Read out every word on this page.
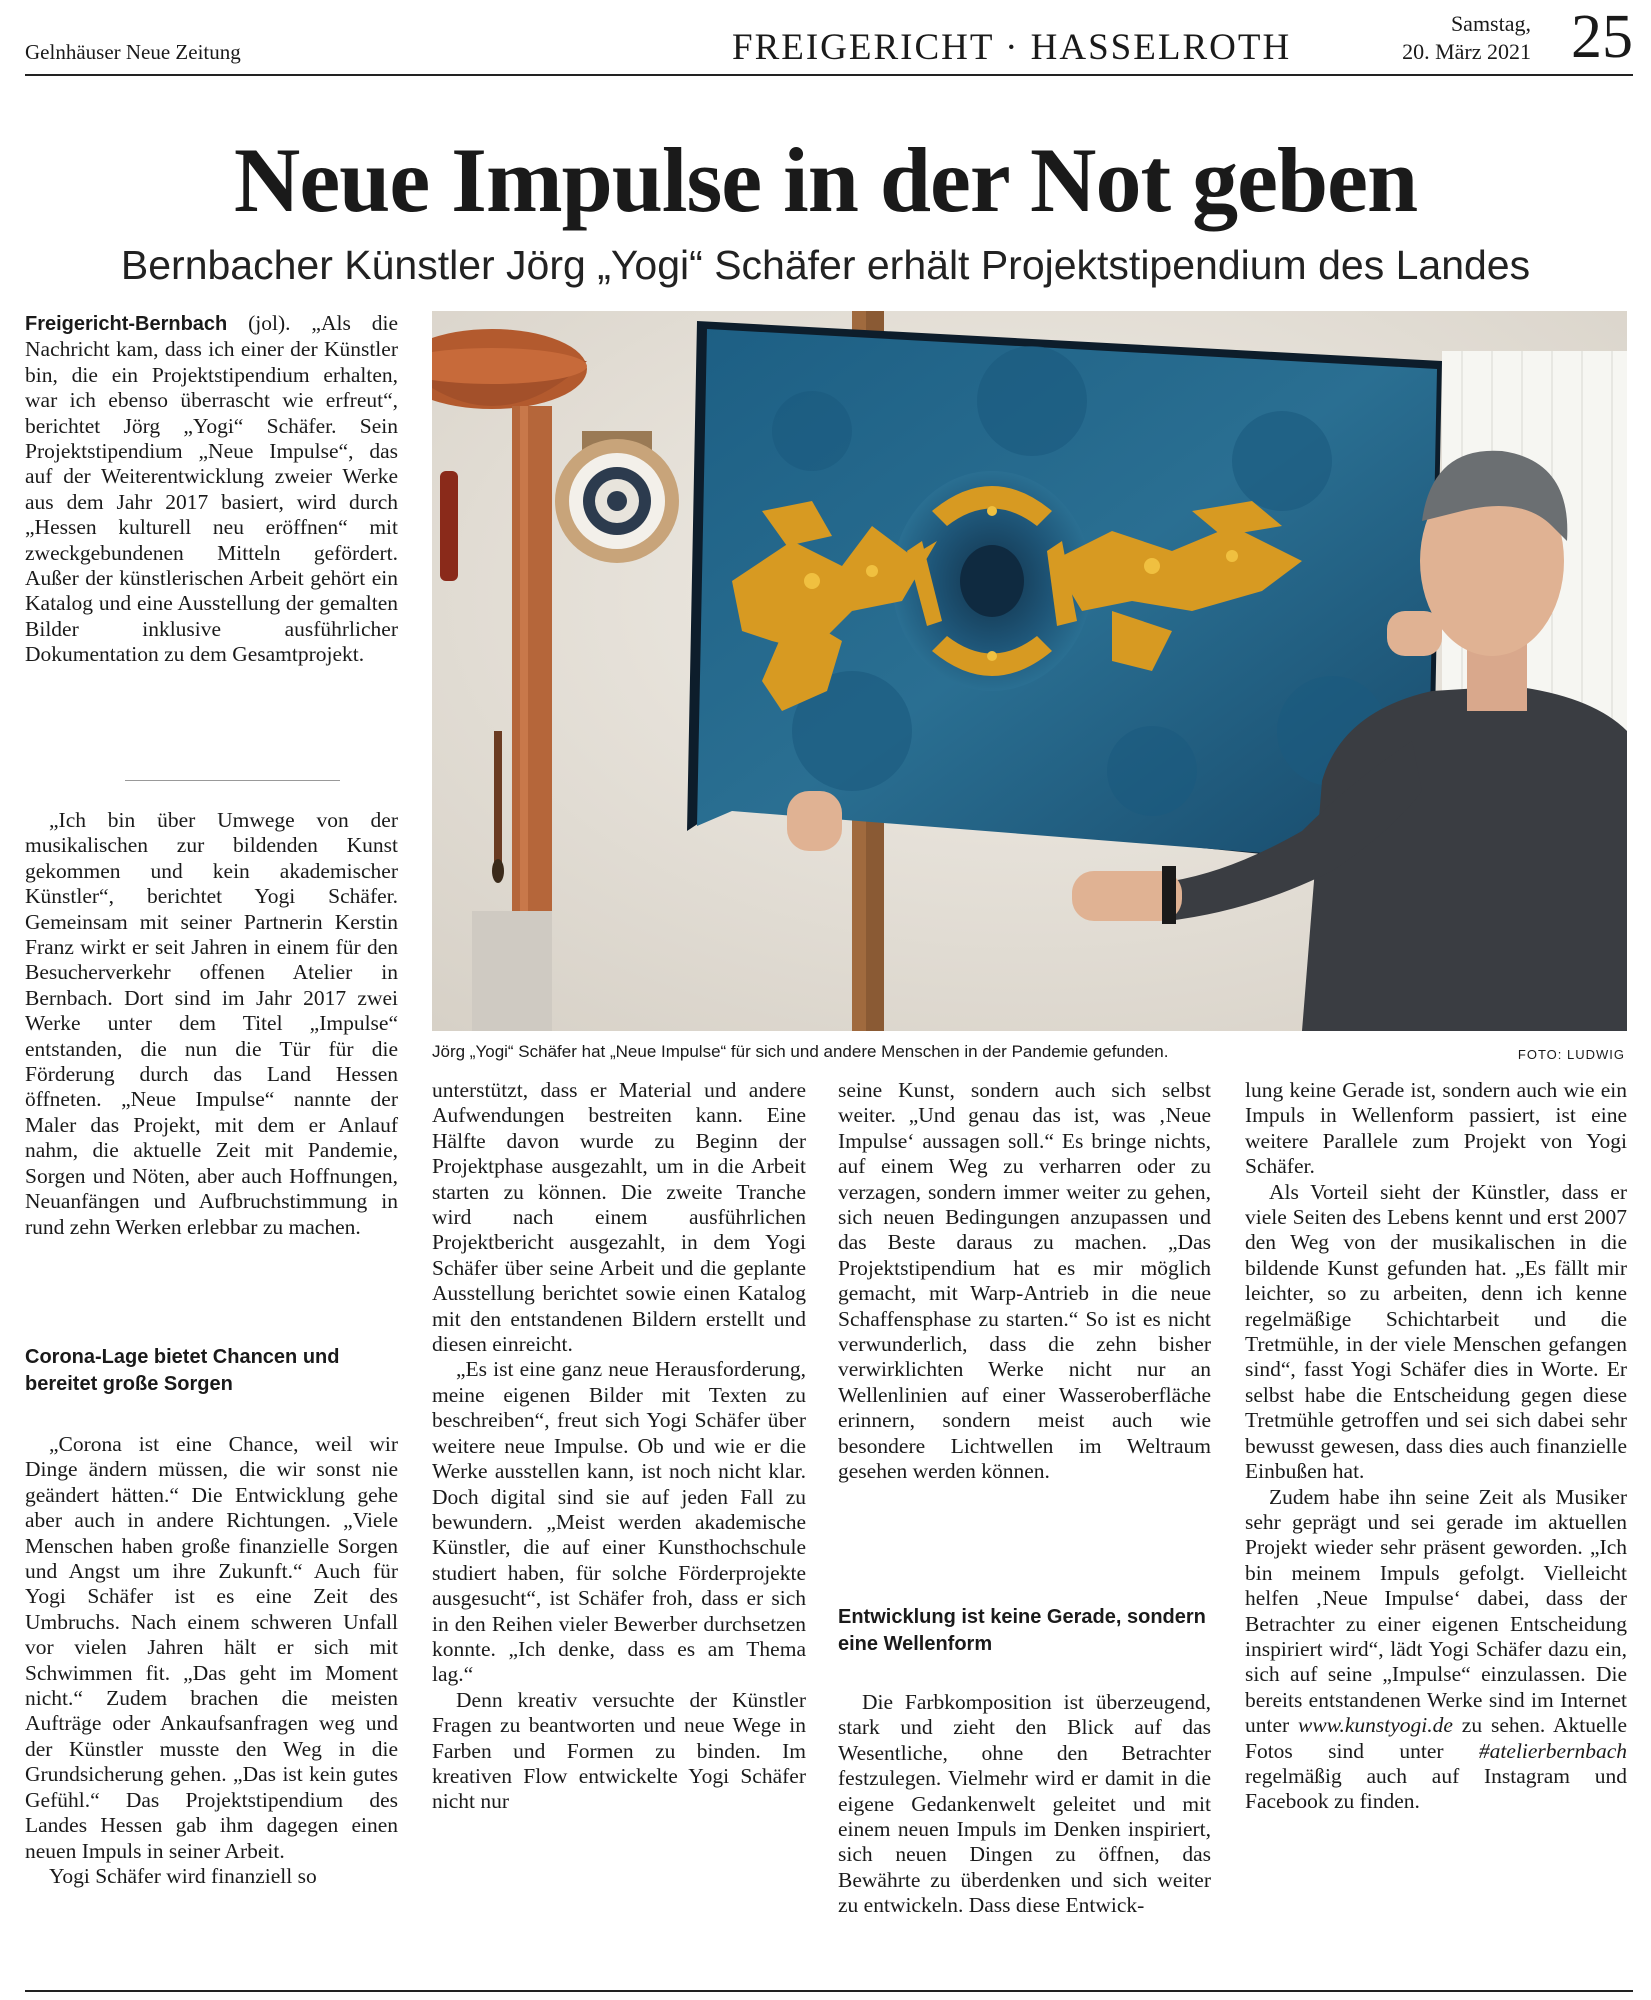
Gelnhäuser Neue Zeitung	FREIGERICHT · HASSELROTH
Samstag,
20. März 2021 25
Neue Impulse in der Not geben
Bernbacher Künstler Jörg „Yogi“ Schäfer erhält Projektstipendium des Landes

Freigericht-Bernbach (jol). „Als die Nachricht kam, dass ich einer der Künstler bin, die ein Projektstipendium erhalten, war ich ebenso überrascht wie erfreut“, berichtet Jörg „Yogi“ Schäfer. Sein Projektstipendium „Neue Impulse“, das auf der Weiterentwicklung zweier Werke aus dem Jahr 2017 basiert, wird durch „Hessen kulturell neu eröffnen“ mit zweckgebundenen Mitteln gefördert. Außer der künstlerischen Arbeit gehört ein Katalog und eine Ausstellung der gemalten Bilder inklusive ausführlicher Dokumentation zu dem Gesamtprojekt.

„Ich bin über Umwege von der musikalischen zur bildenden Kunst gekommen und kein akademischer Künstler“, berichtet Yogi Schäfer. Gemeinsam mit seiner Partnerin Kerstin Franz wirkt er seit Jahren in einem für den Besucherverkehr offenen Atelier in Bernbach. Dort sind im Jahr 2017 zwei Werke unter dem Titel „Impulse“ entstanden, die nun die Tür für die Förderung durch das Land Hessen öffneten. „Neue Impulse“ nannte der Maler das Projekt, mit dem er Anlauf nahm, die aktuelle Zeit mit Pandemie, Sorgen und Nöten, aber auch Hoffnungen, Neuanfängen und Aufbruchstimmung in rund zehn Werken erlebbar zu machen.

Corona-Lage bietet Chancen und bereitet große Sorgen

„Corona ist eine Chance, weil wir Dinge ändern müssen, die wir sonst nie geändert hätten.“ Die Entwicklung gehe aber auch in andere Richtungen. „Viele Menschen haben große finanzielle Sorgen und Angst um ihre Zukunft.“ Auch für Yogi Schäfer ist es eine Zeit des Umbruchs. Nach einem schweren Unfall vor vielen Jahren hält er sich mit Schwimmen fit. „Das geht im Moment nicht.“ Zudem brachen die meisten Aufträge oder Ankaufsanfragen weg und der Künstler musste den Weg in die Grundsicherung gehen. „Das ist kein gutes Gefühl.“ Das Projektstipendium des Landes Hessen gab ihm dagegen einen neuen Impuls in seiner Arbeit.

Yogi Schäfer wird finanziell so

Jörg „Yogi“ Schäfer hat „Neue Impulse“ für sich und andere Menschen in der Pandemie gefunden.	FOTO: LUDWIG

unterstützt, dass er Material und andere Aufwendungen bestreiten kann. Eine Hälfte davon wurde zu Beginn der Projektphase ausgezahlt, um in die Arbeit starten zu können. Die zweite Tranche wird nach einem ausführlichen Projektbericht ausgezahlt, in dem Yogi Schäfer über seine Arbeit und die geplante Ausstellung berichtet sowie einen Katalog mit den entstandenen Bildern erstellt und diesen einreicht.

„Es ist eine ganz neue Herausforderung, meine eigenen Bilder mit Texten zu beschreiben“, freut sich Yogi Schäfer über weitere neue Impulse. Ob und wie er die Werke ausstellen kann, ist noch nicht klar. Doch digital sind sie auf jeden Fall zu bewundern. „Meist werden akademische Künstler, die auf einer Kunsthochschule studiert haben, für solche Förderprojekte ausgesucht“, ist Schäfer froh, dass er sich in den Reihen vieler Bewerber durchsetzen konnte. „Ich denke, dass es am Thema lag.“

Denn kreativ versuchte der Künstler Fragen zu beantworten und neue Wege in Farben und Formen zu binden. Im kreativen Flow entwickelte Yogi Schäfer nicht nur

seine Kunst, sondern auch sich selbst weiter. „Und genau das ist, was ‚Neue Impulse‘ aussagen soll.“ Es bringe nichts, auf einem Weg zu verharren oder zu verzagen, sondern immer weiter zu gehen, sich neuen Bedingungen anzupassen und das Beste daraus zu machen. „Das Projektstipendium hat es mir möglich gemacht, mit Warp-Antrieb in die neue Schaffensphase zu starten.“ So ist es nicht verwunderlich, dass die zehn bisher verwirklichten Werke nicht nur an Wellenlinien auf einer Wasseroberfläche erinnern, sondern meist auch wie besondere Lichtwellen im Weltraum gesehen werden können.

Entwicklung ist keine Gerade, sondern eine Wellenform

Die Farbkomposition ist überzeugend, stark und zieht den Blick auf das Wesentliche, ohne den Betrachter festzulegen. Vielmehr wird er damit in die eigene Gedankenwelt geleitet und mit einem neuen Impuls im Denken inspiriert, sich neuen Dingen zu öffnen, das Bewährte zu überdenken und sich weiter zu entwickeln. Dass diese Entwick-

lung keine Gerade ist, sondern auch wie ein Impuls in Wellenform passiert, ist eine weitere Parallele zum Projekt von Yogi Schäfer.

Als Vorteil sieht der Künstler, dass er viele Seiten des Lebens kennt und erst 2007 den Weg von der musikalischen in die bildende Kunst gefunden hat. „Es fällt mir leichter, so zu arbeiten, denn ich kenne regelmäßige Schichtarbeit und die Tretmühle, in der viele Menschen gefangen sind“, fasst Yogi Schäfer dies in Worte. Er selbst habe die Entscheidung gegen diese Tretmühle getroffen und sei sich dabei sehr bewusst gewesen, dass dies auch finanzielle Einbußen hat.

Zudem habe ihn seine Zeit als Musiker sehr geprägt und sei gerade im aktuellen Projekt wieder sehr präsent geworden. „Ich bin meinem Impuls gefolgt. Vielleicht helfen ‚Neue Impulse‘ dabei, dass der Betrachter zu einer eigenen Entscheidung inspiriert wird“, lädt Yogi Schäfer dazu ein, sich auf seine „Impulse“ einzulassen. Die bereits entstandenen Werke sind im Internet unter www.kunstyogi.de zu sehen. Aktuelle Fotos sind unter #atelierbernbach regelmäßig auch auf Instagram und Facebook zu finden.
